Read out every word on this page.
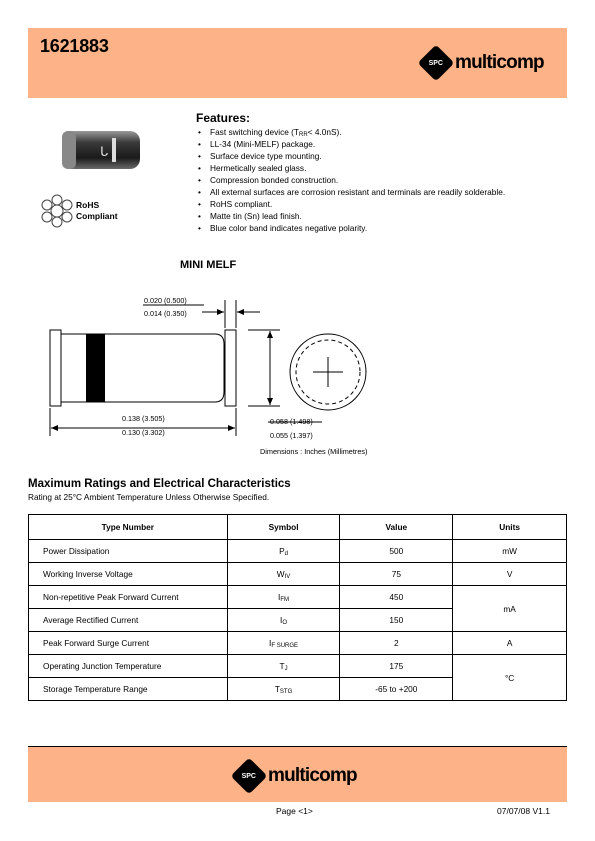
1621883
SPC multicomp
ᒐ
RoHS
Compliant
Features:
• Fast switching device $(T_{RR}< 4.0nS)$.
• LL-34 (Mini-MELF) package.
• Surface device type mounting.
• Hermetically sealed glass.
• Compression bonded construction.
• All external surfaces are corrosion resistant and terminals are readily solderable.
• RoHS compliant.
• Matte tin (Sn) lead finish.
• Blue color band indicates negative polarity.
MINI MELF
0.020 (0.500)
0.014 (0.350)
0.138 (3.505)
0.130 (3.302)
0.058 (1.498)
0.055 (1.397)
Dimensions : Inches (Millimetres)
Maximum Ratings and Electrical Characteristics
Rating at 25°C Ambient Temperature Unless Otherwise Specified.
Type Number	Symbol	Value	Units
Power Dissipation	$P_d$	500	mW
Working Inverse Voltage	$W_{IV}$	75	V
Non-repetitive Peak Forward Current	$I_{FM}$	450	mA
Average Rectified Current	$I_O$	150	
Peak Forward Surge Current	$I_{F SURGE}$	2	A
Operating Junction Temperature	$T_J$	175	°C
Storage Temperature Range	$T_{STG}$	-65 to +200	
SPC multicomp
Page <1>	07/07/08 V1.1
